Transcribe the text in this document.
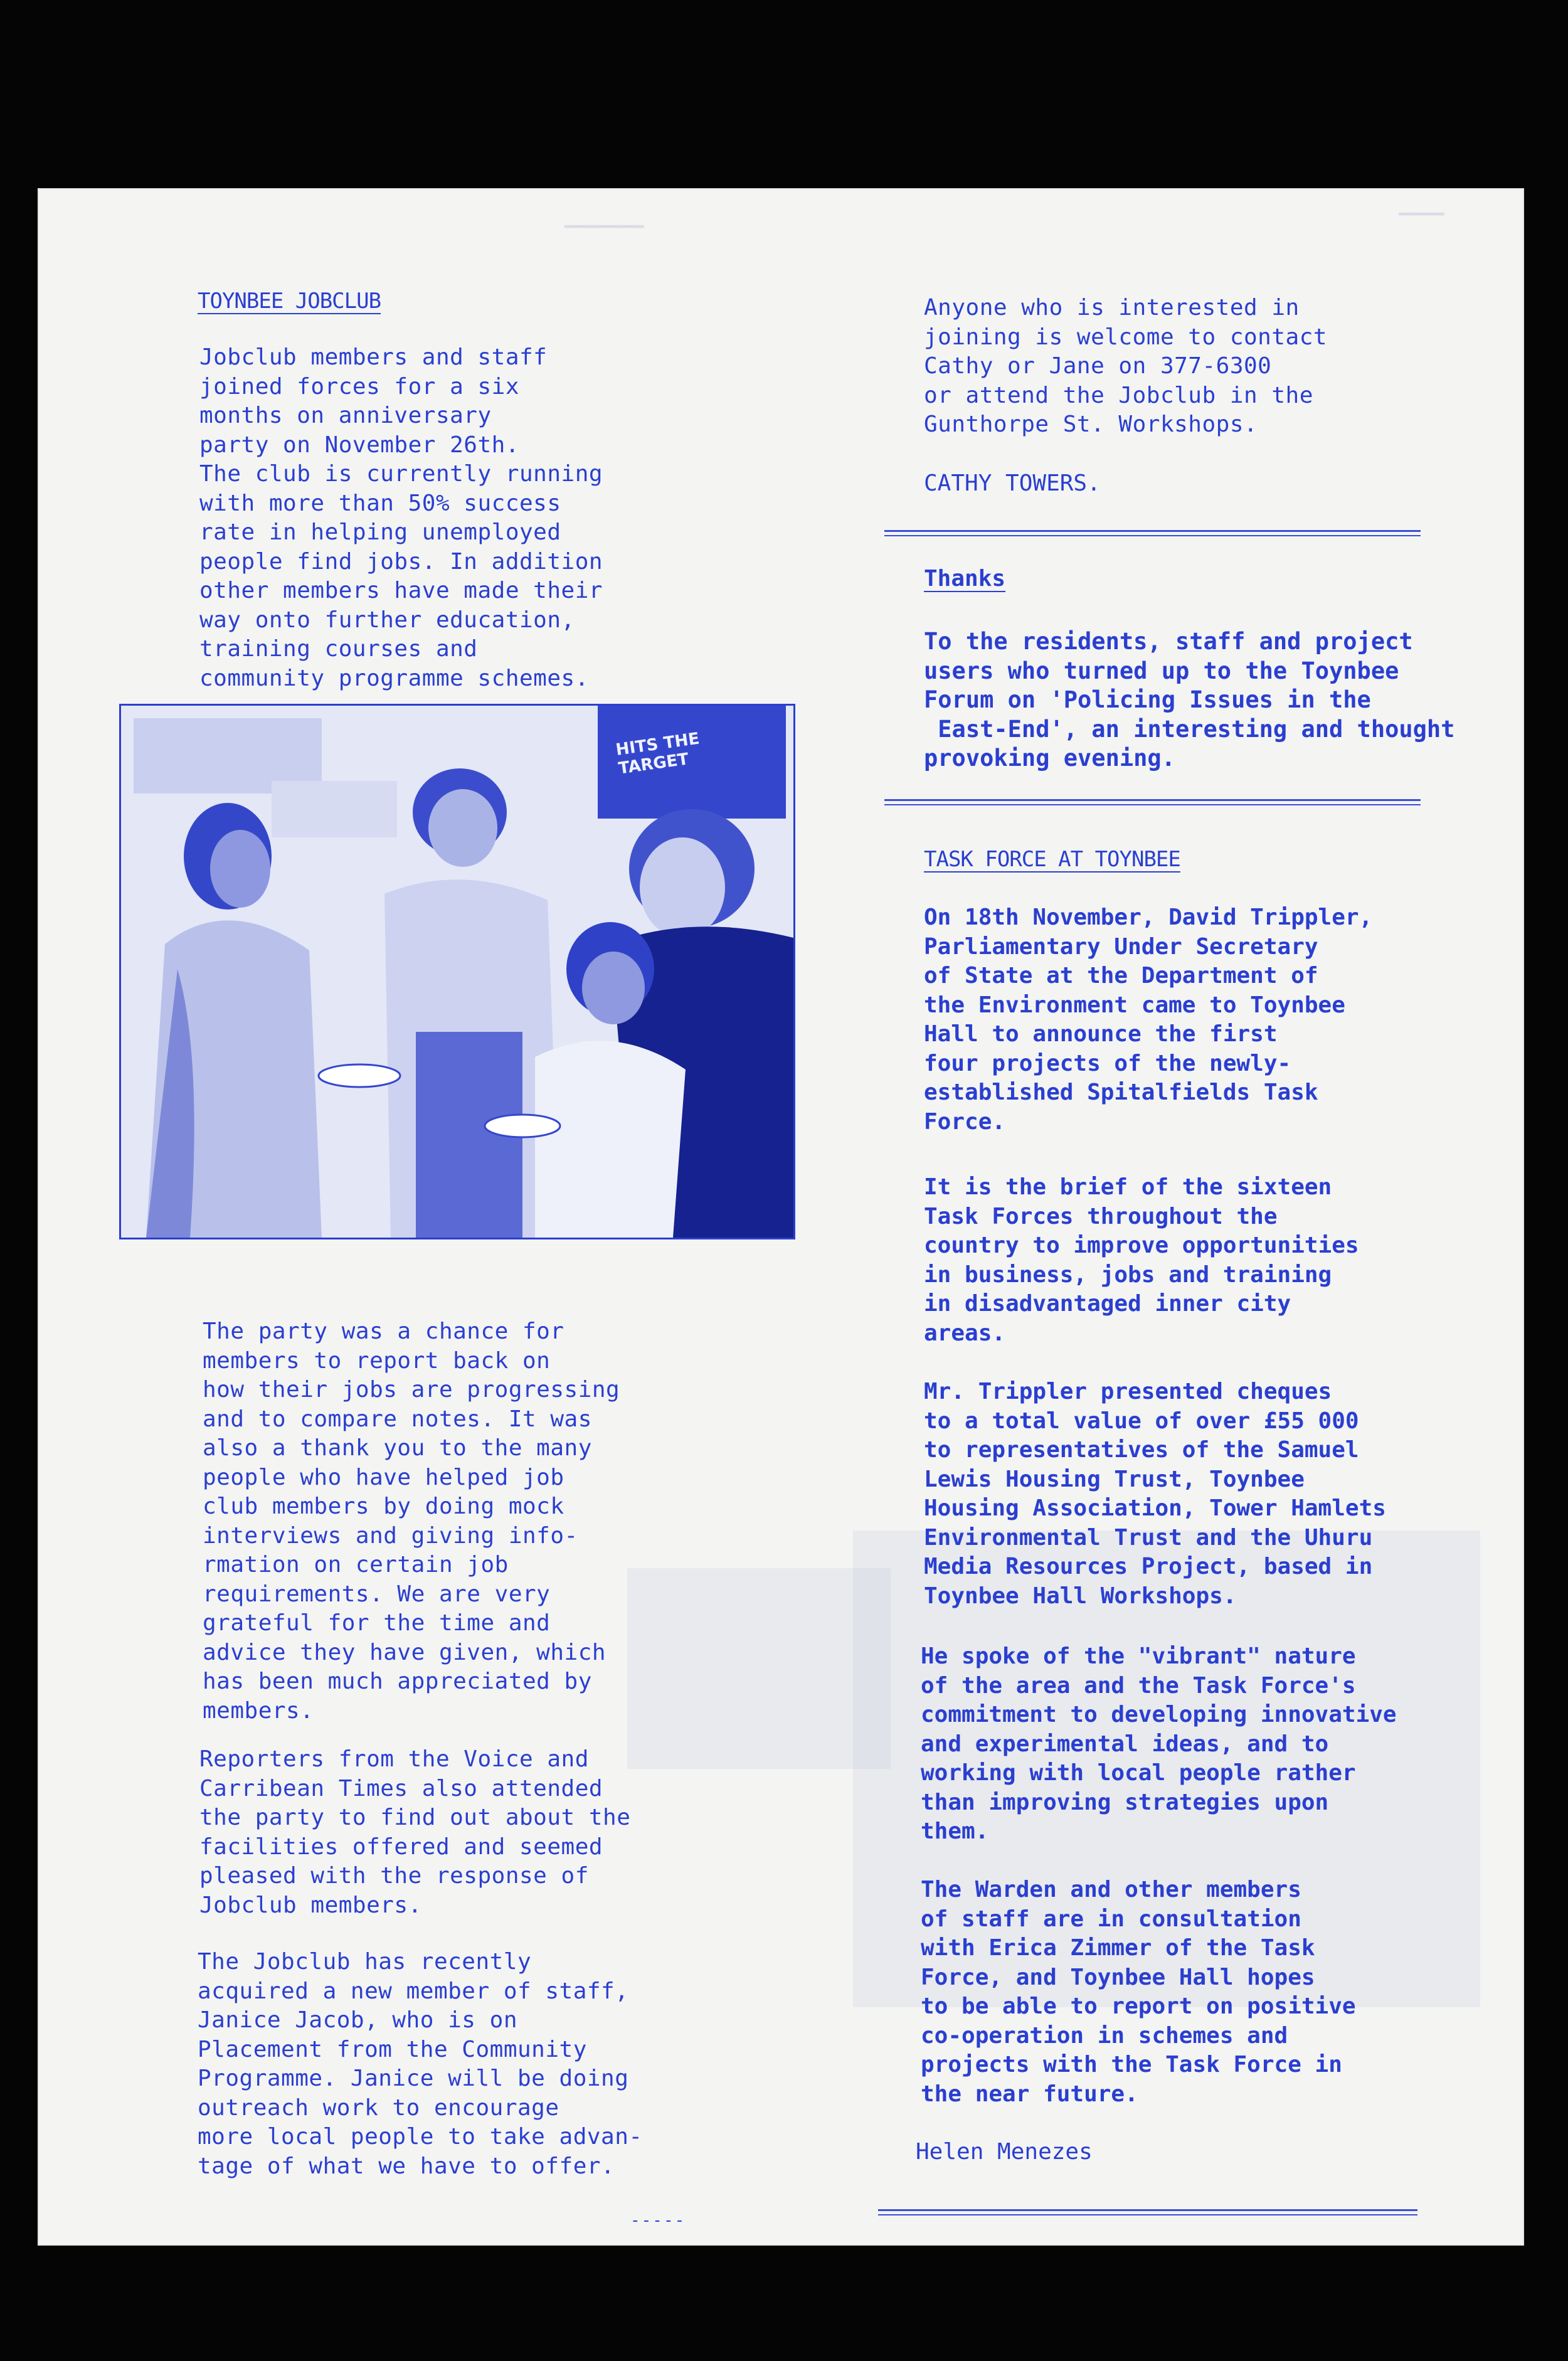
▔▔▔▔▔▔▔
▔▔▔▔
TOYNBEE JOBCLUB
Jobclub members and staff
joined forces for a six
months on anniversary
party on November 26th.
The club is currently running
with more than 50% success
rate in helping unemployed
people find jobs. In addition
other members have made their
way onto further education,
training courses and
community programme schemes.
HITS THE TARGET
The party was a chance for
members to report back on
how their jobs are progressing
and to compare notes. It was
also a thank you to the many
people who have helped job
club members by doing mock
interviews and giving info-
rmation on certain job
requirements. We are very
grateful for the time and
advice they have given, which
has been much appreciated by
members.
Reporters from the Voice and
Carribean Times also attended
the party to find out about the
facilities offered and seemed
pleased with the response of
Jobclub members.
The Jobclub has recently
acquired a new member of staff,
Janice Jacob, who is on
Placement from the Community
Programme. Janice will be doing
outreach work to encourage
more local people to take advan-
tage of what we have to offer.
-----
Anyone who is interested in
joining is welcome to contact
Cathy or Jane on 377-6300
or attend the Jobclub in the
Gunthorpe St. Workshops.
CATHY TOWERS.
Thanks
To the residents, staff and project
users who turned up to the Toynbee
Forum on 'Policing Issues in the
East-End', an interesting and thought
provoking evening.
TASK FORCE AT TOYNBEE
On 18th November, David Trippler,
Parliamentary Under Secretary
of State at the Department of
the Environment came to Toynbee
Hall to announce the first
four projects of the newly-
established Spitalfields Task
Force.
It is the brief of the sixteen
Task Forces throughout the
country to improve opportunities
in business, jobs and training
in disadvantaged inner city
areas.
Mr. Trippler presented cheques
to a total value of over £55 000
to representatives of the Samuel
Lewis Housing Trust, Toynbee
Housing Association, Tower Hamlets
Environmental Trust and the Uhuru
Media Resources Project, based in
Toynbee Hall Workshops.
He spoke of the "vibrant" nature
of the area and the Task Force's
commitment to developing innovative
and experimental ideas, and to
working with local people rather
than improving strategies upon
them.
The Warden and other members
of staff are in consultation
with Erica Zimmer of the Task
Force, and Toynbee Hall hopes
to be able to report on positive
co-operation in schemes and
projects with the Task Force in
the near future.
Helen Menezes
